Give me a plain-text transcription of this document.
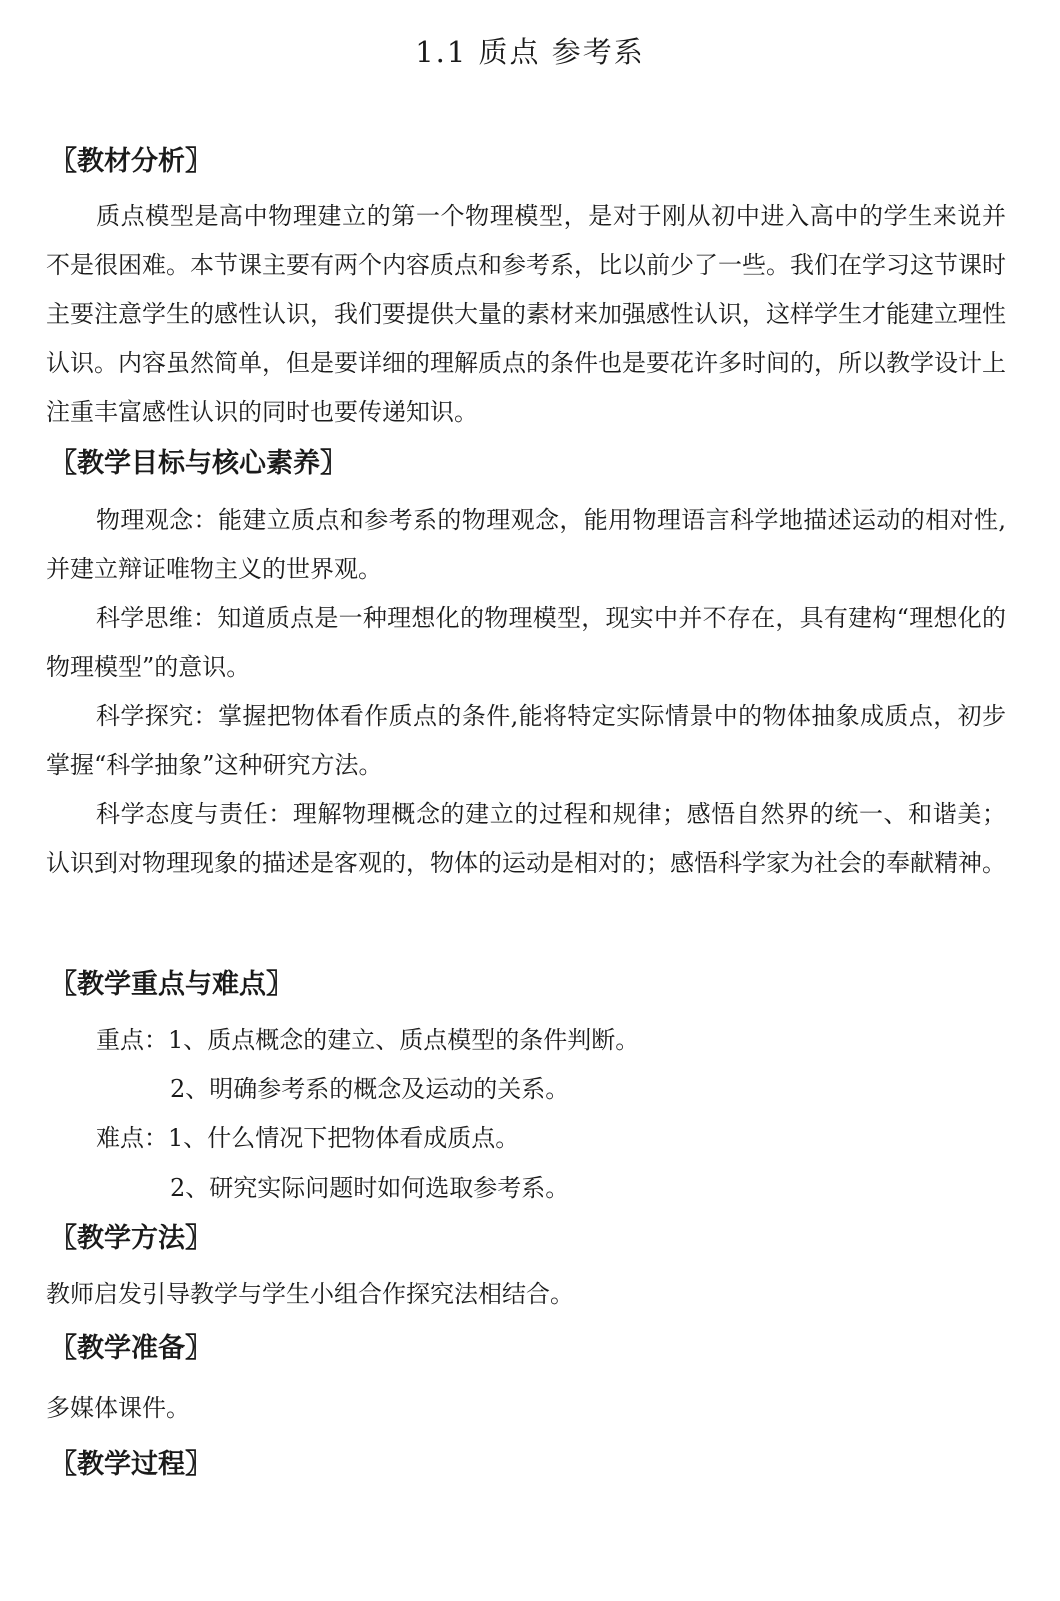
1.1 质点 参考系
〖教材分析〗
质点模型是高中物理建立的第一个物理模型，是对于刚从初中进入高中的学生来说并不是很困难。本节课主要有两个内容质点和参考系，比以前少了一些。我们在学习这节课时主要注意学生的感性认识，我们要提供大量的素材来加强感性认识，这样学生才能建立理性认识。内容虽然简单，但是要详细的理解质点的条件也是要花许多时间的，所以教学设计上注重丰富感性认识的同时也要传递知识。
〖教学目标与核心素养〗
物理观念：能建立质点和参考系的物理观念，能用物理语言科学地描述运动的相对性,并建立辩证唯物主义的世界观。
科学思维：知道质点是一种理想化的物理模型，现实中并不存在，具有建构“理想化的物理模型”的意识。
科学探究：掌握把物体看作质点的条件,能将特定实际情景中的物体抽象成质点，初步掌握“科学抽象”这种研究方法。
科学态度与责任：理解物理概念的建立的过程和规律；感悟自然界的统一、和谐美；认识到对物理现象的描述是客观的，物体的运动是相对的；感悟科学家为社会的奉献精神。
〖教学重点与难点〗
重点：1、质点概念的建立、质点模型的条件判断。
2、明确参考系的概念及运动的关系。
难点：1、什么情况下把物体看成质点。
2、研究实际问题时如何选取参考系。
〖教学方法〗
教师启发引导教学与学生小组合作探究法相结合。
〖教学准备〗
多媒体课件。
〖教学过程〗
